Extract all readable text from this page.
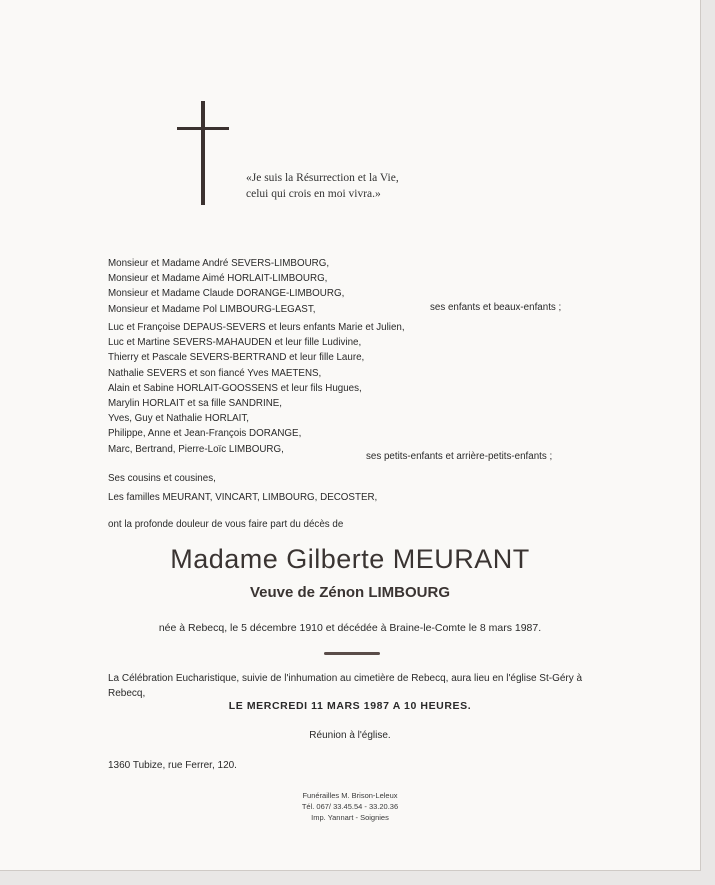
«Je suis la Résurrection et la Vie,
celui qui crois en moi vivra.»
Monsieur et Madame André SEVERS-LIMBOURG,
Monsieur et Madame Aimé HORLAIT-LIMBOURG,
Monsieur et Madame Claude DORANGE-LIMBOURG,
Monsieur et Madame Pol LIMBOURG-LEGAST,	ses enfants et beaux-enfants ;
Luc et Françoise DEPAUS-SEVERS et leurs enfants Marie et Julien,
Luc et Martine SEVERS-MAHAUDEN et leur fille Ludivine,
Thierry et Pascale SEVERS-BERTRAND et leur fille Laure,
Nathalie SEVERS et son fiancé Yves MAETENS,
Alain et Sabine HORLAIT-GOOSSENS et leur fils Hugues,
Marylin HORLAIT et sa fille SANDRINE,
Yves, Guy et Nathalie HORLAIT,
Philippe, Anne et Jean-François DORANGE,
Marc, Bertrand, Pierre-Loïc LIMBOURG,
ses petits-enfants et arrière-petits-enfants ;
Ses cousins et cousines,
Les familles MEURANT, VINCART, LIMBOURG, DECOSTER,
ont la profonde douleur de vous faire part du décès de
Madame Gilberte MEURANT
Veuve de Zénon LIMBOURG
née à Rebecq, le 5 décembre 1910 et décédée à Braine-le-Comte le 8 mars 1987.
La Célébration Eucharistique, suivie de l'inhumation au cimetière de Rebecq, aura lieu en l'église St-Géry à Rebecq,
LE MERCREDI 11 MARS 1987 A 10 HEURES.
Réunion à l'église.
1360 Tubize, rue Ferrer, 120.
Funérailles M. Brison-Leleux
Tél. 067/ 33.45.54 - 33.20.36
Imp. Yannart - Soignies
